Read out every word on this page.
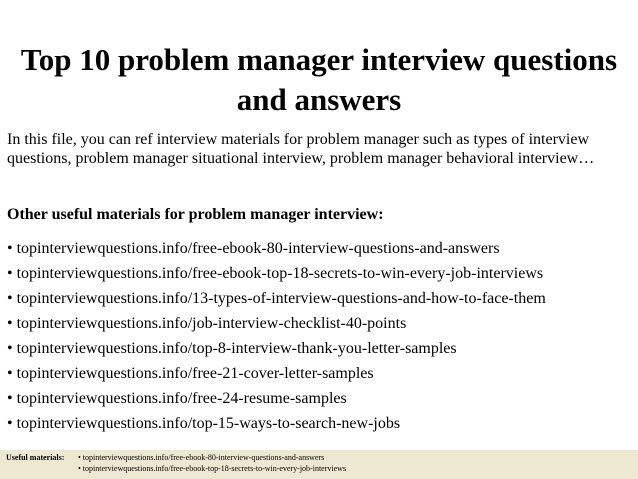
Top 10 problem manager interview questions
and answers
In this file, you can ref interview materials for problem manager such as types of interview questions, problem manager situational interview, problem manager behavioral interview…
Other useful materials for problem manager interview:
• topinterviewquestions.info/free-ebook-80-interview-questions-and-answers
• topinterviewquestions.info/free-ebook-top-18-secrets-to-win-every-job-interviews
• topinterviewquestions.info/13-types-of-interview-questions-and-how-to-face-them
• topinterviewquestions.info/job-interview-checklist-40-points
• topinterviewquestions.info/top-8-interview-thank-you-letter-samples
• topinterviewquestions.info/free-21-cover-letter-samples
• topinterviewquestions.info/free-24-resume-samples
• topinterviewquestions.info/top-15-ways-to-search-new-jobs
Useful materials: • topinterviewquestions.info/free-ebook-80-interview-questions-and-answers
• topinterviewquestions.info/free-ebook-top-18-secrets-to-win-every-job-interviews
